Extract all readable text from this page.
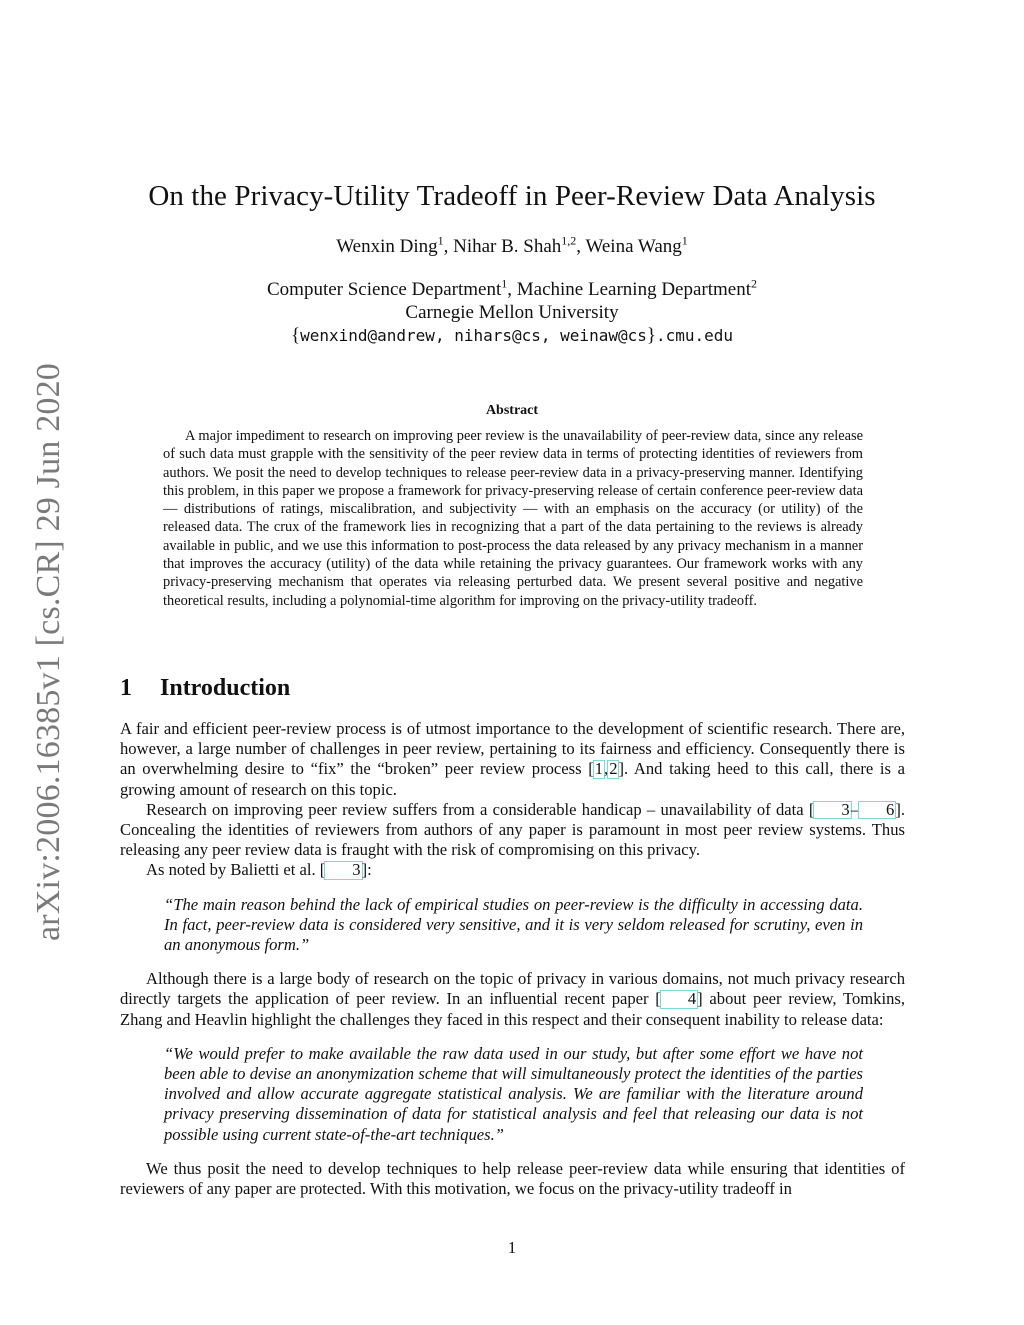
arXiv:2006.16385v1 [cs.CR] 29 Jun 2020
On the Privacy-Utility Tradeoff in Peer-Review Data Analysis
Wenxin Ding$^1$, Nihar B. Shah$^{1,2}$, Weina Wang$^1$
Computer Science Department$^1$, Machine Learning Department$^2$
Carnegie Mellon University
{wenxind@andrew, nihars@cs, weinaw@cs}.cmu.edu
Abstract

A major impediment to research on improving peer review is the unavailability of peer-review data, since any release of such data must grapple with the sensitivity of the peer review data in terms of protecting identities of reviewers from authors. We posit the need to develop techniques to release peer-review data in a privacy-preserving manner. Identifying this problem, in this paper we propose a framework for privacy-preserving release of certain conference peer-review data — distributions of ratings, miscalibration, and subjectivity — with an emphasis on the accuracy (or utility) of the released data. The crux of the framework lies in recognizing that a part of the data pertaining to the reviews is already available in public, and we use this information to post-process the data released by any privacy mechanism in a manner that improves the accuracy (utility) of the data while retaining the privacy guarantees. Our framework works with any privacy-preserving mechanism that operates via releasing perturbed data. We present several positive and negative theoretical results, including a polynomial-time algorithm for improving on the privacy-utility tradeoff.

1 Introduction

A fair and efficient peer-review process is of utmost importance to the development of scientific research. There are, however, a large number of challenges in peer review, pertaining to its fairness and efficiency. Consequently there is an overwhelming desire to “fix” the “broken” peer review process [1,2]. And taking heed to this call, there is a growing amount of research on this topic.

Research on improving peer review suffers from a considerable handicap – unavailability of data [ 3– 6]. Concealing the identities of reviewers from authors of any paper is paramount in most peer review systems. Thus releasing any peer review data is fraught with the risk of compromising on this privacy.

As noted by Balietti et al. [ 3]:

“The main reason behind the lack of empirical studies on peer-review is the difficulty in accessing data. In fact, peer-review data is considered very sensitive, and it is very seldom released for scrutiny, even in an anonymous form.”

Although there is a large body of research on the topic of privacy in various domains, not much privacy research directly targets the application of peer review. In an influential recent paper [ 4] about peer review, Tomkins, Zhang and Heavlin highlight the challenges they faced in this respect and their consequent inability to release data:

“We would prefer to make available the raw data used in our study, but after some effort we have not been able to devise an anonymization scheme that will simultaneously protect the identities of the parties involved and allow accurate aggregate statistical analysis. We are familiar with the literature around privacy preserving dissemination of data for statistical analysis and feel that releasing our data is not possible using current state-of-the-art techniques.”

We thus posit the need to develop techniques to help release peer-review data while ensuring that identities of reviewers of any paper are protected. With this motivation, we focus on the privacy-utility tradeoff in

1
